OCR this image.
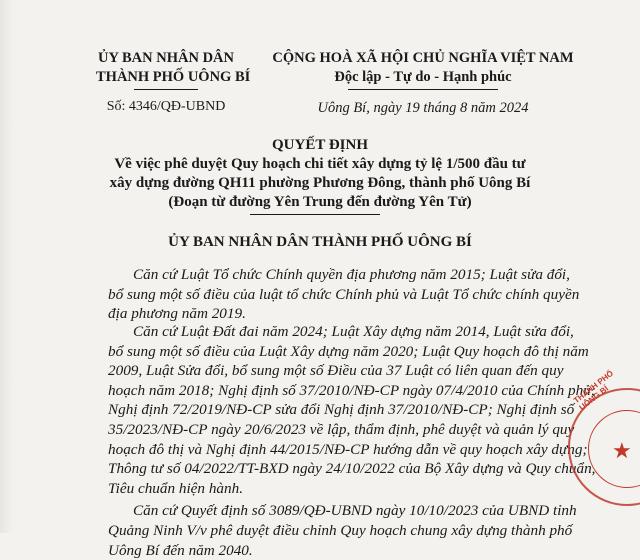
ỦY BAN NHÂN DÂN
THÀNH PHỐ UÔNG BÍ
Số: 4346/QĐ-UBND
CỘNG HOÀ XÃ HỘI CHỦ NGHĨA VIỆT NAM
Độc lập - Tự do - Hạnh phúc
Uông Bí, ngày 19 tháng 8 năm 2024
QUYẾT ĐỊNH
Về việc phê duyệt Quy hoạch chi tiết xây dựng tỷ lệ 1/500 đầu tư
xây dựng đường QH11 phường Phương Đông, thành phố Uông Bí
(Đoạn từ đường Yên Trung đến đường Yên Tử)
ỦY BAN NHÂN DÂN THÀNH PHỐ UÔNG BÍ
Căn cứ Luật Tổ chức Chính quyền địa phương năm 2015; Luật sửa đổi,
bổ sung một số điều của luật tổ chức Chính phủ và Luật Tổ chức chính quyền
địa phương năm 2019.
Căn cứ Luật Đất đai năm 2024; Luật Xây dựng năm 2014, Luật sửa đổi,
bổ sung một số điều của Luật Xây dựng năm 2020; Luật Quy hoạch đô thị năm
2009, Luật Sửa đổi, bổ sung một số Điều của 37 Luật có liên quan đến quy
hoạch năm 2018; Nghị định số 37/2010/NĐ-CP ngày 07/4/2010 của Chính phủ;
Nghị định 72/2019/NĐ-CP sửa đổi Nghị định 37/2010/NĐ-CP; Nghị định số
35/2023/NĐ-CP ngày 20/6/2023 về lập, thẩm định, phê duyệt và quản lý quy
hoạch đô thị và Nghị định 44/2015/NĐ-CP hướng dẫn về quy hoạch xây dựng;
Thông tư số 04/2022/TT-BXD ngày 24/10/2022 của Bộ Xây dựng và Quy chuẩn,
Tiêu chuẩn hiện hành.
Căn cứ Quyết định số 3089/QĐ-UBND ngày 10/10/2023 của UBND tỉnh
Quảng Ninh V/v phê duyệt điều chỉnh Quy hoạch chung xây dựng thành phố
Uông Bí đến năm 2040.
THÀNH PHỐ UÔNG BÍ
★
